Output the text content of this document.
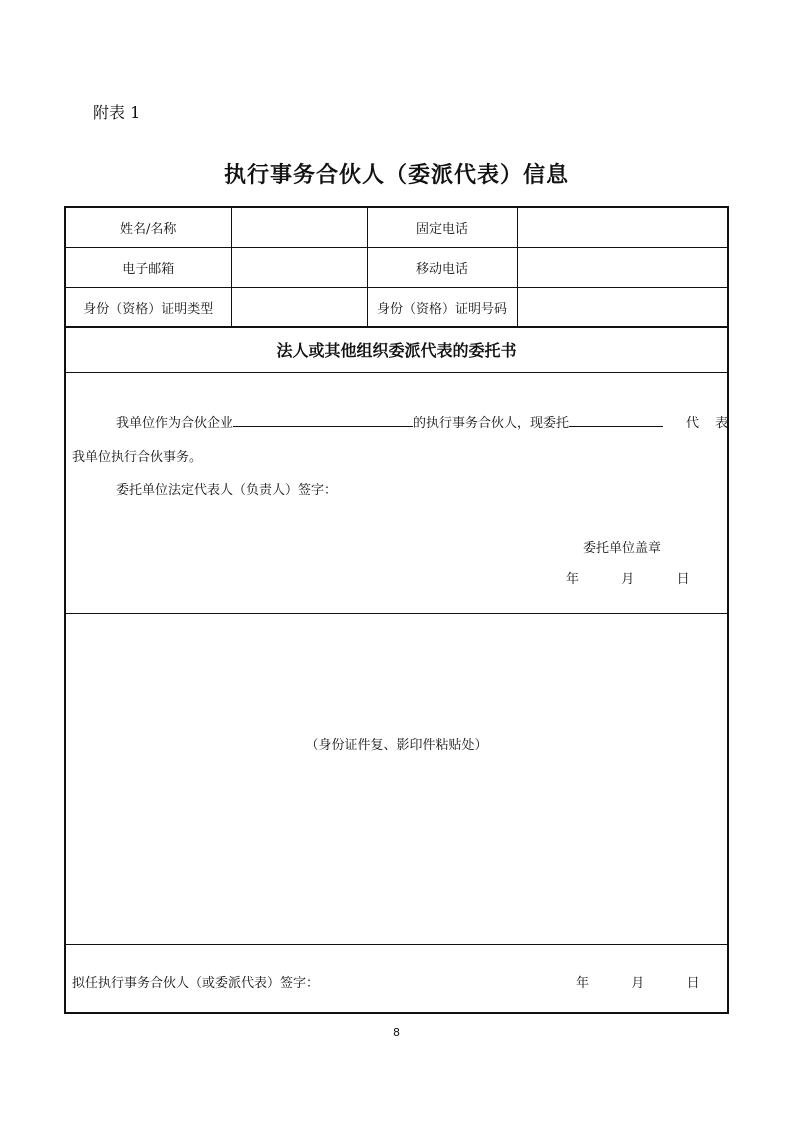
附表 1
执行事务合伙人（委派代表）信息
姓名/名称		固定电话	
电子邮箱		移动电话	
身份（资格）证明类型		身份（资格）证明号码	
法人或其他组织委派代表的委托书
我单位作为合伙企业	的执行事务合伙人，现委托	代 表
我单位执行合伙事务。
委托单位法定代表人（负责人）签字：
委托单位盖章
年	月	日
（身份证件复、影印件粘贴处）
拟任执行事务合伙人（或委派代表）签字：	年	月	日
8
